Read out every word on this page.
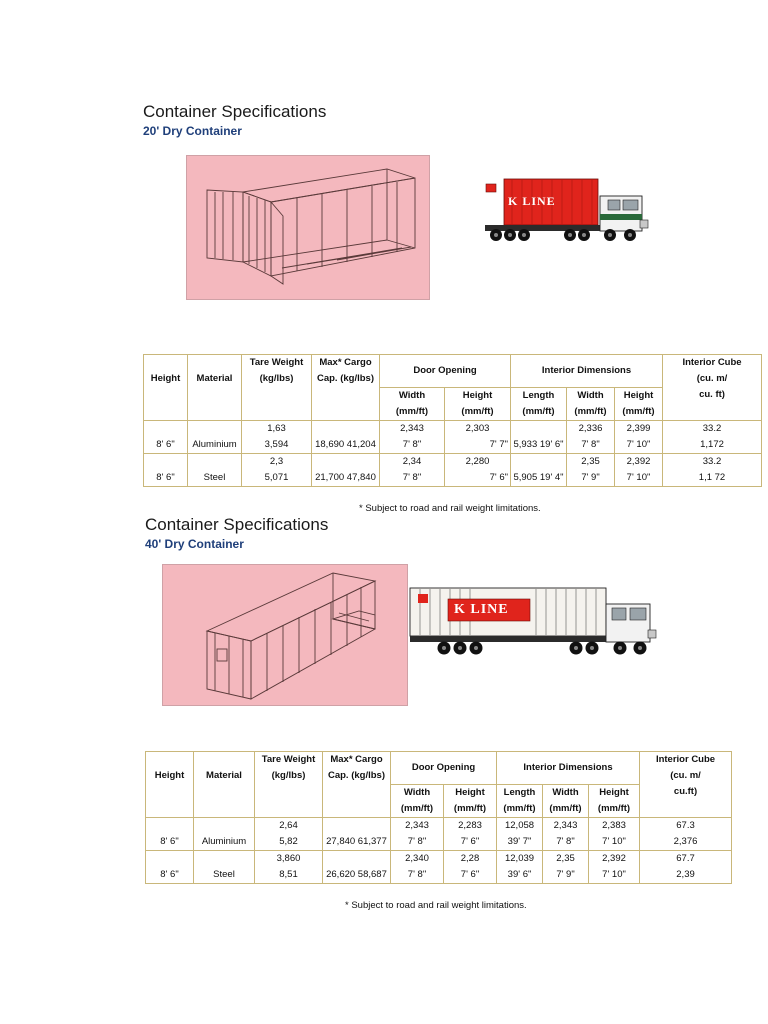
Container Specifications
20' Dry Container
K LINE
		Tare Weight	Max* Cargo	Door Opening		Interior Dimensions			Interior Cube
Height	Material	(kg/lbs)	Cap. (kg/lbs)						(cu. m/
				Width	Height	Length	Width	Height	cu. ft)
				(mm/ft)	(mm/ft)	(mm/ft)	(mm/ft)	(mm/ft)	
		1,63		2,343	2,303		2,336	2,399	33.2
8' 6"	Aluminium	3,594	18,690 41,204	7' 8"	7' 7"	5,933 19' 6"	7' 8"	7' 10"	1,172
		2,3		2,34	2,280		2,35	2,392	33.2
8' 6"	Steel	5,071	21,700 47,840	7' 8"	7' 6"	5,905 19' 4"	7' 9"	7' 10"	1,1 72
* Subject to road and rail weight limitations.
Container Specifications
40' Dry Container
K LINE
		Tare Weight	Max* Cargo	Door Opening		Interior Dimensions			Interior Cube
Height	Material	(kg/lbs)	Cap. (kg/lbs)						(cu. m/
				Width	Height	Length	Width	Height	cu.ft)
				(mm/ft)	(mm/ft)	(mm/ft)	(mm/ft)	(mm/ft)	
		2,64		2,343	2,283	12,058	2,343	2,383	67.3
8' 6"	Aluminium	5,82	27,840 61,377	7' 8"	7' 6"	39' 7"	7' 8"	7' 10"	2,376
		3,860		2,340	2,28	12,039	2,35	2,392	67.7
8' 6"	Steel	8,51	26,620 58,687	7' 8"	7' 6"	39' 6"	7' 9"	7' 10"	2,39
* Subject to road and rail weight limitations.
